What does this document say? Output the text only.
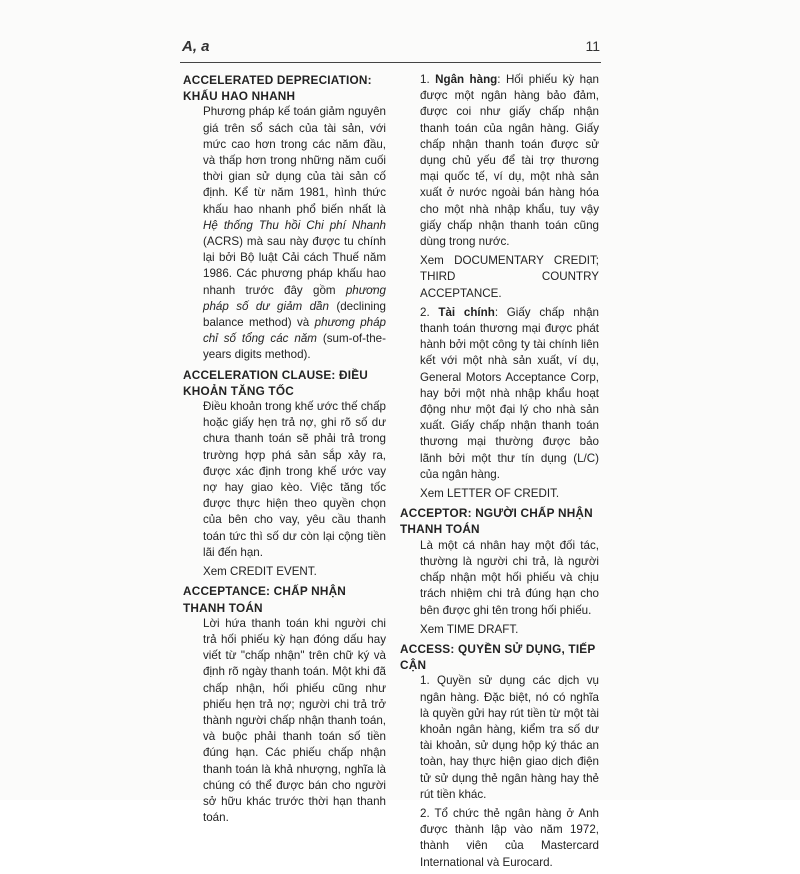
A, a	11
ACCELERATED DEPRECIATION: KHẤU HAO NHANH

Phương pháp kế toán giảm nguyên giá trên sổ sách của tài sản, với mức cao hơn trong các năm đầu, và thấp hơn trong những năm cuối thời gian sử dụng của tài sản cố định. Kể từ năm 1981, hình thức khấu hao nhanh phổ biến nhất là Hệ thống Thu hồi Chi phí Nhanh (ACRS) mà sau này được tu chính lại bởi Bộ luật Cải cách Thuế năm 1986. Các phương pháp khấu hao nhanh trước đây gồm phương pháp số dư giảm dần (declining balance method) và phương pháp chỉ số tổng các năm (sum-of-the-years digits method).

ACCELERATION CLAUSE: ĐIỀU KHOẢN TĂNG TỐC

Điều khoản trong khế ước thế chấp hoặc giấy hẹn trả nợ, ghi rõ số dư chưa thanh toán sẽ phải trả trong trường hợp phá sản sắp xảy ra, được xác định trong khế ước vay nợ hay giao kèo. Việc tăng tốc được thực hiện theo quyền chọn của bên cho vay, yêu cầu thanh toán tức thì số dư còn lại cộng tiền lãi đến hạn.

Xem CREDIT EVENT.

ACCEPTANCE: CHẤP NHẬN THANH TOÁN

Lời hứa thanh toán khi người chi trả hối phiếu kỳ hạn đóng dấu hay viết từ "chấp nhận" trên chữ ký và định rõ ngày thanh toán. Một khi đã chấp nhận, hối phiếu cũng như phiếu hẹn trả nợ; người chi trả trở thành người chấp nhận thanh toán, và buộc phải thanh toán số tiền đúng hạn. Các phiếu chấp nhận thanh toán là khả nhượng, nghĩa là chúng có thể được bán cho người sở hữu khác trước thời hạn thanh toán.

1. Ngân hàng: Hối phiếu kỳ hạn được một ngân hàng bảo đảm, được coi như giấy chấp nhận thanh toán của ngân hàng. Giấy chấp nhận thanh toán được sử dụng chủ yếu để tài trợ thương mại quốc tế, ví dụ, một nhà sản xuất ở nước ngoài bán hàng hóa cho một nhà nhập khẩu, tuy vậy giấy chấp nhận thanh toán cũng dùng trong nước.

Xem DOCUMENTARY CREDIT; THIRD COUNTRY ACCEPTANCE.

2. Tài chính: Giấy chấp nhận thanh toán thương mại được phát hành bởi một công ty tài chính liên kết với một nhà sản xuất, ví dụ, General Motors Acceptance Corp, hay bởi một nhà nhập khẩu hoạt động như một đại lý cho nhà sản xuất. Giấy chấp nhận thanh toán thương mại thường được bảo lãnh bởi một thư tín dụng (L/C) của ngân hàng.

Xem LETTER OF CREDIT.

ACCEPTOR: NGƯỜI CHẤP NHẬN THANH TOÁN

Là một cá nhân hay một đối tác, thường là người chi trả, là người chấp nhận một hối phiếu và chịu trách nhiệm chi trả đúng hạn cho bên được ghi tên trong hối phiếu.

Xem TIME DRAFT.

ACCESS: QUYỀN SỬ DỤNG, TIẾP CẬN

1. Quyền sử dụng các dịch vụ ngân hàng. Đặc biệt, nó có nghĩa là quyền gửi hay rút tiền từ một tài khoản ngân hàng, kiểm tra số dư tài khoản, sử dụng hộp ký thác an toàn, hay thực hiện giao dịch điện tử sử dụng thẻ ngân hàng hay thẻ rút tiền khác.

2. Tổ chức thẻ ngân hàng ở Anh được thành lập vào năm 1972, thành viên của Mastercard International và Eurocard.
